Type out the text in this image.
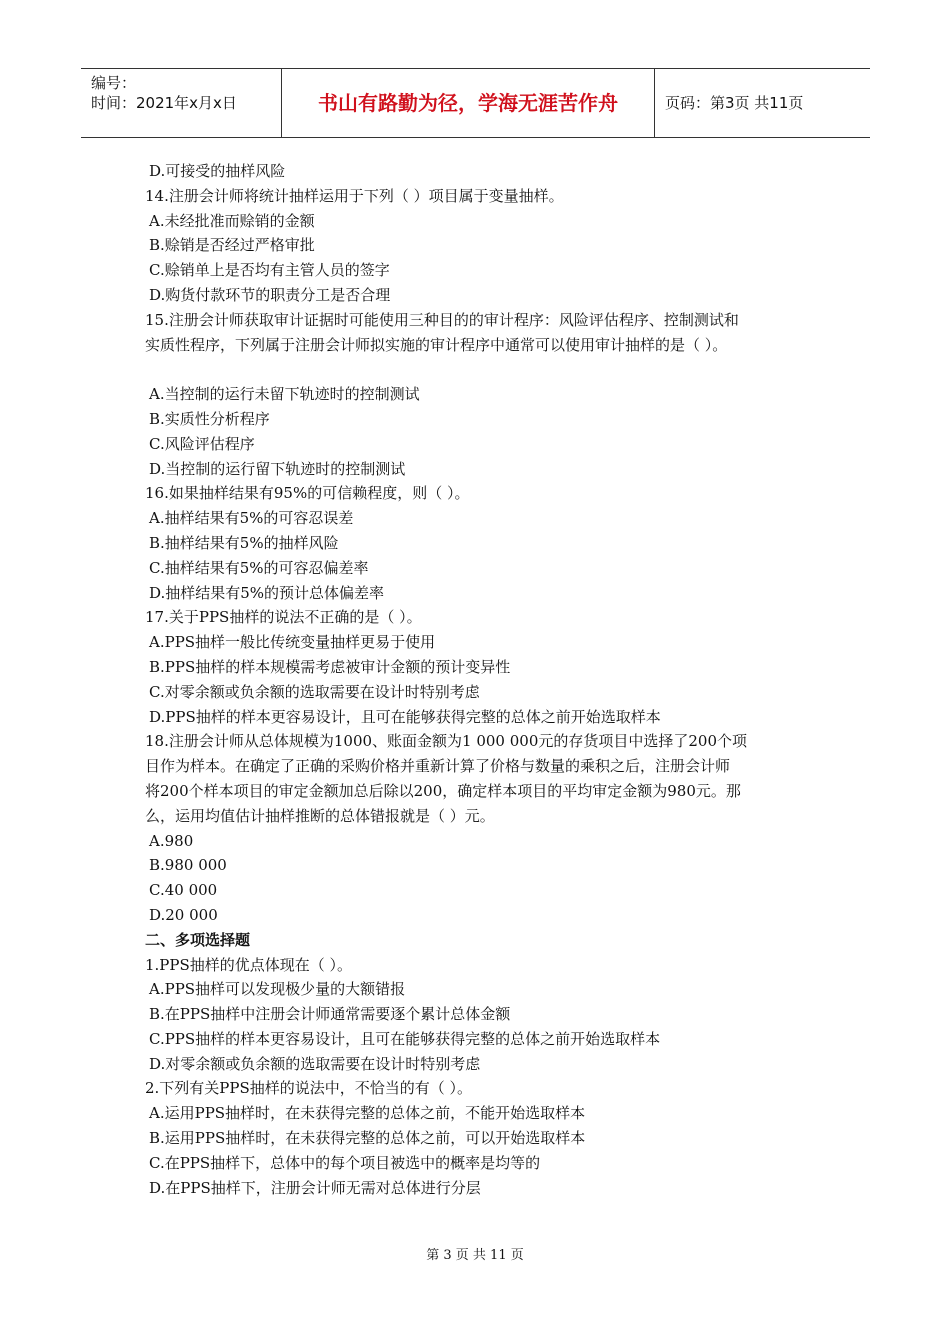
编号：
时间：2021年x月x日	书山有路勤为径，学海无涯苦作舟	页码：第3页 共11页
D.可接受的抽样风险
14.注册会计师将统计抽样运用于下列（ ）项目属于变量抽样。
A.未经批准而赊销的金额
B.赊销是否经过严格审批
C.赊销单上是否均有主管人员的签字
D.购货付款环节的职责分工是否合理
15.注册会计师获取审计证据时可能使用三种目的的审计程序：风险评估程序、控制测试和
实质性程序，下列属于注册会计师拟实施的审计程序中通常可以使用审计抽样的是（ ）。
A.当控制的运行未留下轨迹时的控制测试
B.实质性分析程序
C.风险评估程序
D.当控制的运行留下轨迹时的控制测试
16.如果抽样结果有95%的可信赖程度，则（ ）。
A.抽样结果有5%的可容忍误差
B.抽样结果有5%的抽样风险
C.抽样结果有5%的可容忍偏差率
D.抽样结果有5%的预计总体偏差率
17.关于PPS抽样的说法不正确的是（ ）。
A.PPS抽样一般比传统变量抽样更易于使用
B.PPS抽样的样本规模需考虑被审计金额的预计变异性
C.对零余额或负余额的选取需要在设计时特别考虑
D.PPS抽样的样本更容易设计，且可在能够获得完整的总体之前开始选取样本
18.注册会计师从总体规模为1000、账面金额为1 000 000元的存货项目中选择了200个项
目作为样本。在确定了正确的采购价格并重新计算了价格与数量的乘积之后，注册会计师
将200个样本项目的审定金额加总后除以200，确定样本项目的平均审定金额为980元。那
么，运用均值估计抽样推断的总体错报就是（ ）元。
A.980
B.980 000
C.40 000
D.20 000
二、多项选择题
1.PPS抽样的优点体现在（ ）。
A.PPS抽样可以发现极少量的大额错报
B.在PPS抽样中注册会计师通常需要逐个累计总体金额
C.PPS抽样的样本更容易设计，且可在能够获得完整的总体之前开始选取样本
D.对零余额或负余额的选取需要在设计时特别考虑
2.下列有关PPS抽样的说法中，不恰当的有（ ）。
A.运用PPS抽样时，在未获得完整的总体之前，不能开始选取样本
B.运用PPS抽样时，在未获得完整的总体之前，可以开始选取样本
C.在PPS抽样下，总体中的每个项目被选中的概率是均等的
D.在PPS抽样下，注册会计师无需对总体进行分层
第 3 页 共 11 页
